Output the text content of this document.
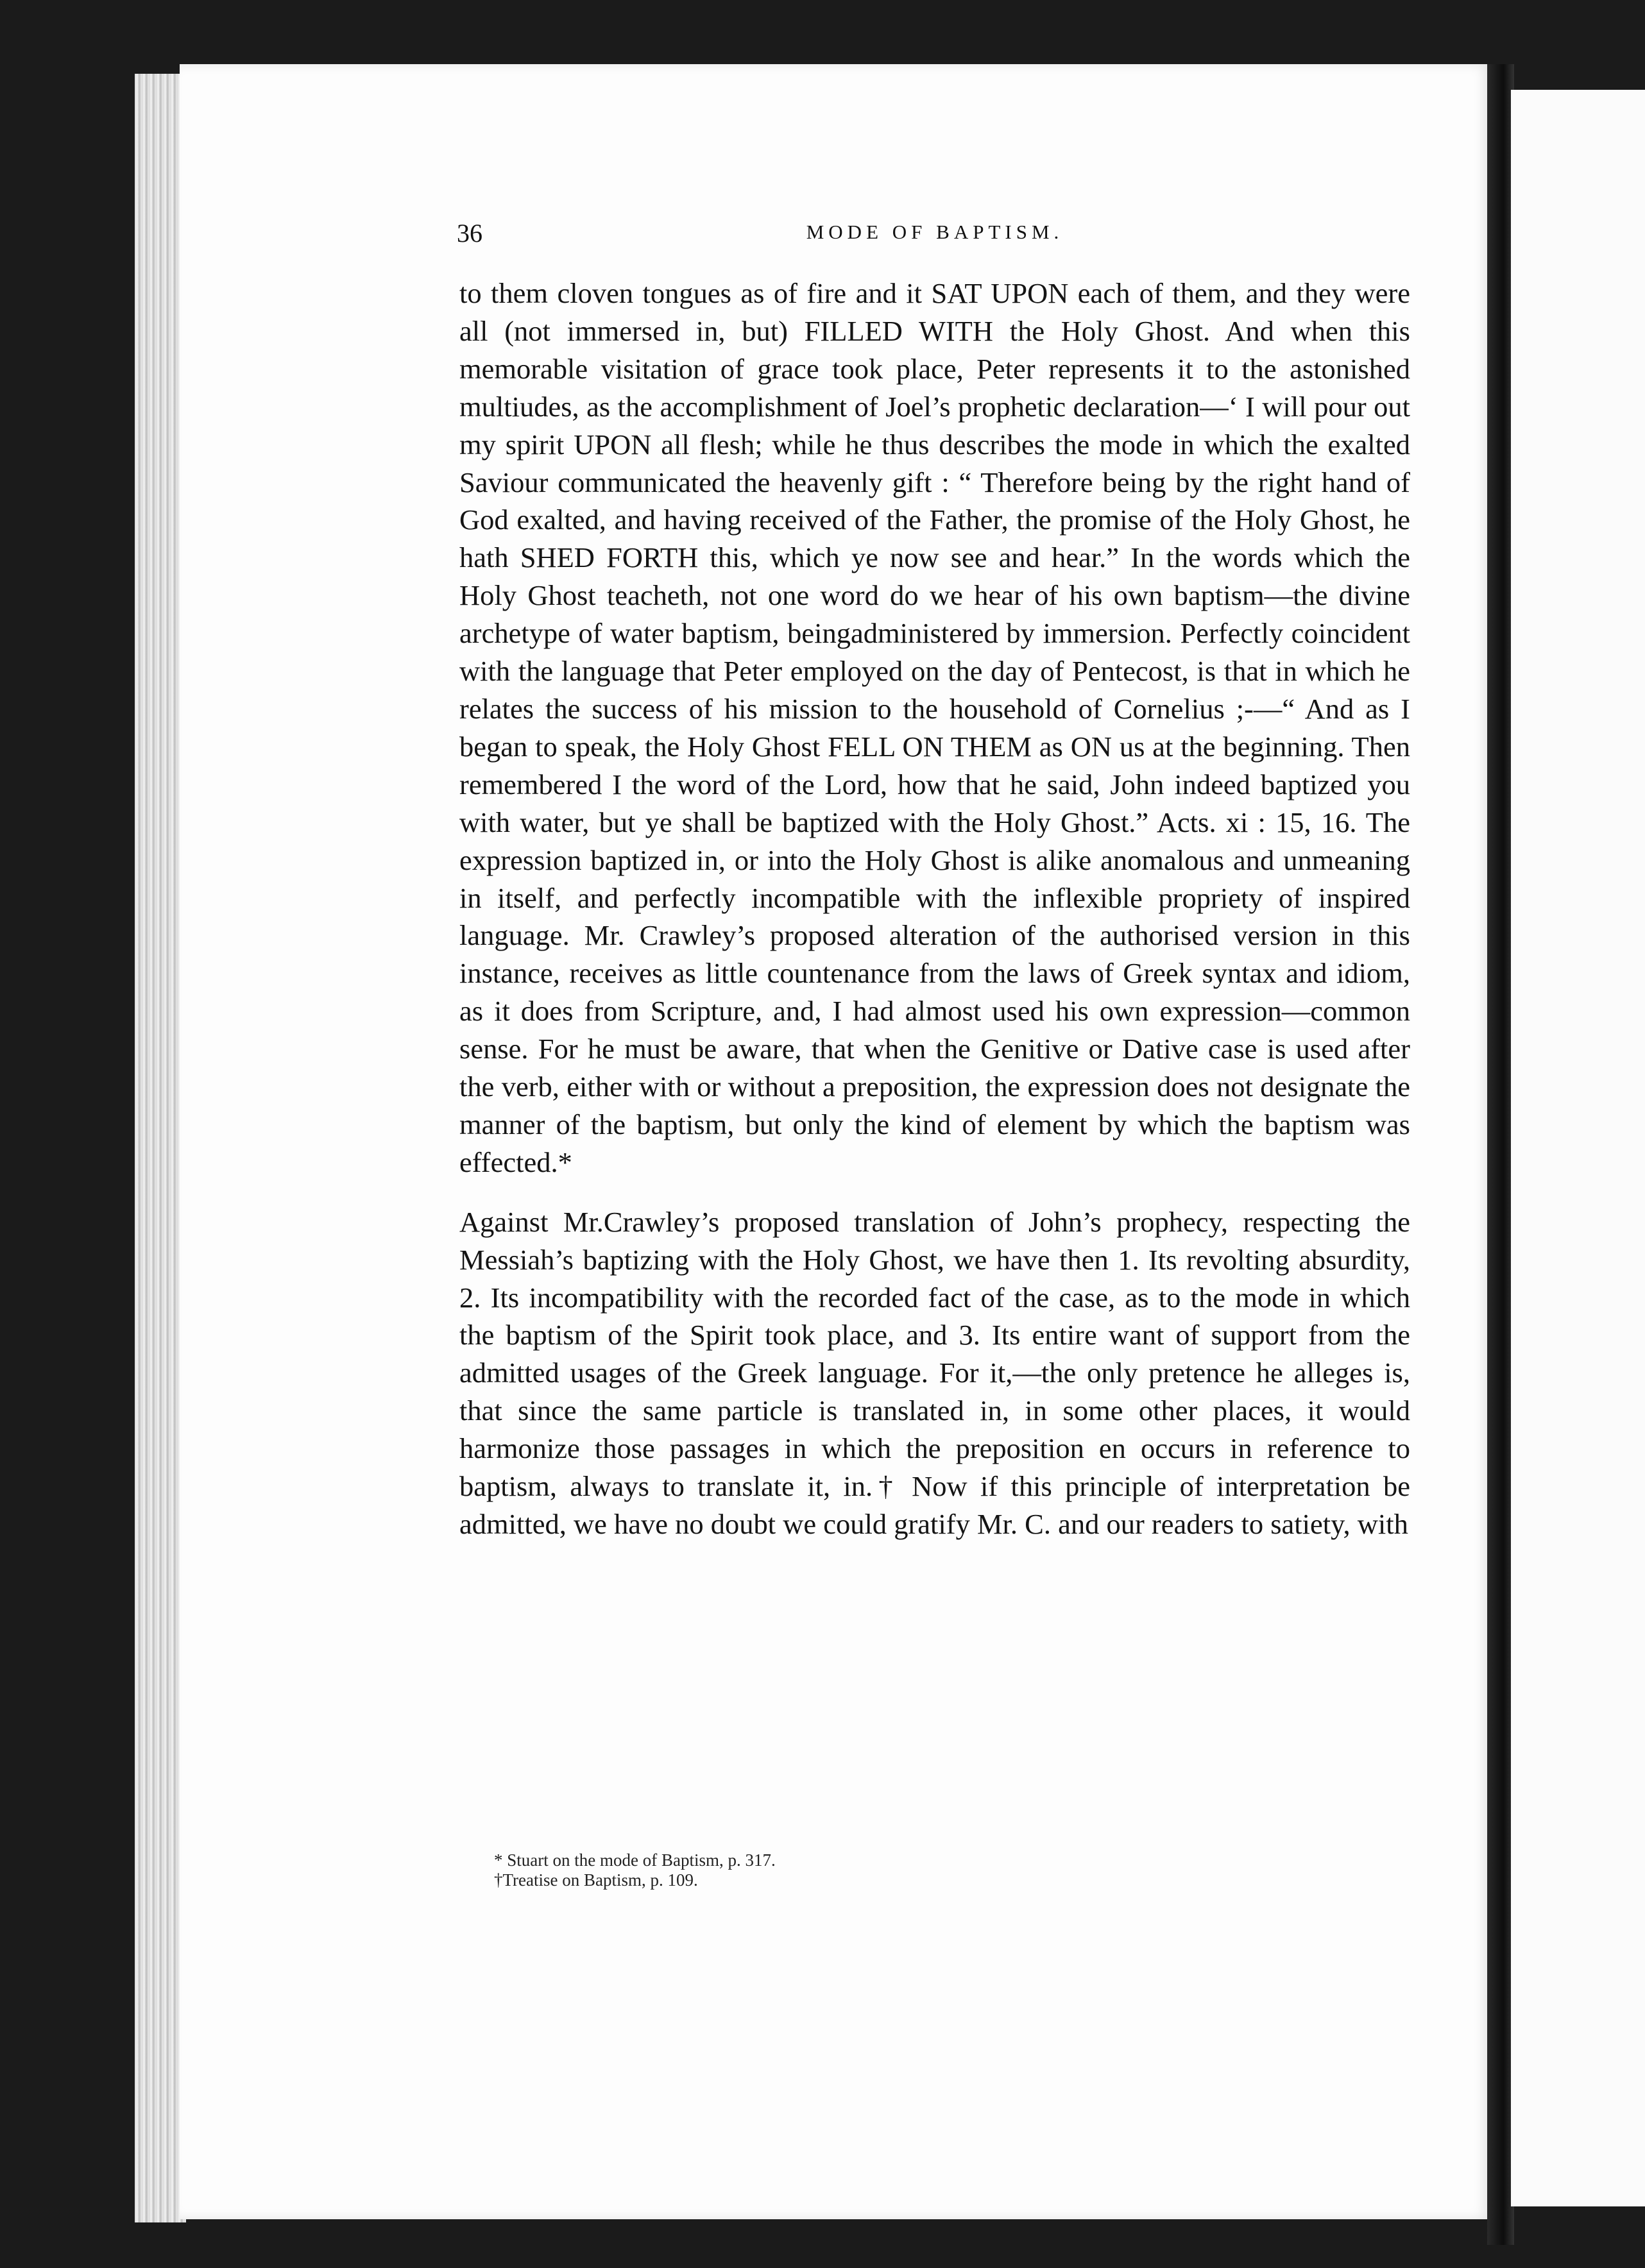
36	MODE OF BAPTISM.

to them cloven tongues as of fire and it SAT UPON each of them, and they were all (not immersed in, but) FILLED WITH the Holy Ghost. And when this memorable visitation of grace took place, Peter represents it to the astonished multiudes, as the accomplishment of Joel’s prophetic declaration—‘ I will pour out my spirit UPON all flesh; while he thus describes the mode in which the exalted Saviour communicated the heavenly gift : “ Therefore being by the right hand of God exalted, and having received of the Father, the promise of the Holy Ghost, he hath SHED FORTH this, which ye now see and hear.” In the words which the Holy Ghost teacheth, not one word do we hear of his own baptism—the divine archetype of water baptism, beingadministered by immersion. Perfectly coincident with the language that Peter employed on the day of Pentecost, is that in which he relates the success of his mission to the household of Cornelius ;-—“ And as I began to speak, the Holy Ghost FELL ON THEM as ON us at the beginning. Then remembered I the word of the Lord, how that he said, John indeed baptized you with water, but ye shall be baptized with the Holy Ghost.” Acts. xi : 15, 16. The expression baptized in, or into the Holy Ghost is alike anomalous and unmeaning in itself, and perfectly incompatible with the inflexible propriety of inspired language. Mr. Crawley’s proposed alteration of the authorised version in this instance, receives as little countenance from the laws of Greek syntax and idiom, as it does from Scripture, and, I had almost used his own expression—common sense. For he must be aware, that when the Genitive or Dative case is used after the verb, either with or without a preposition, the expression does not designate the manner of the baptism, but only the kind of element by which the baptism was effected.*

Against Mr.Crawley’s proposed translation of John’s prophecy, respecting the Messiah’s baptizing with the Holy Ghost, we have then 1. Its revolting absurdity, 2. Its incompatibility with the recorded fact of the case, as to the mode in which the baptism of the Spirit took place, and 3. Its entire want of support from the admitted usages of the Greek language. For it,—the only pretence he alleges is, that since the same particle is translated in, in some other places, it would harmonize those passages in which the preposition en occurs in reference to baptism, always to translate it, in.† Now if this principle of interpretation be admitted, we have no doubt we could gratify Mr. C. and our readers to satiety, with

* Stuart on the mode of Baptism, p. 317.
†Treatise on Baptism, p. 109.
